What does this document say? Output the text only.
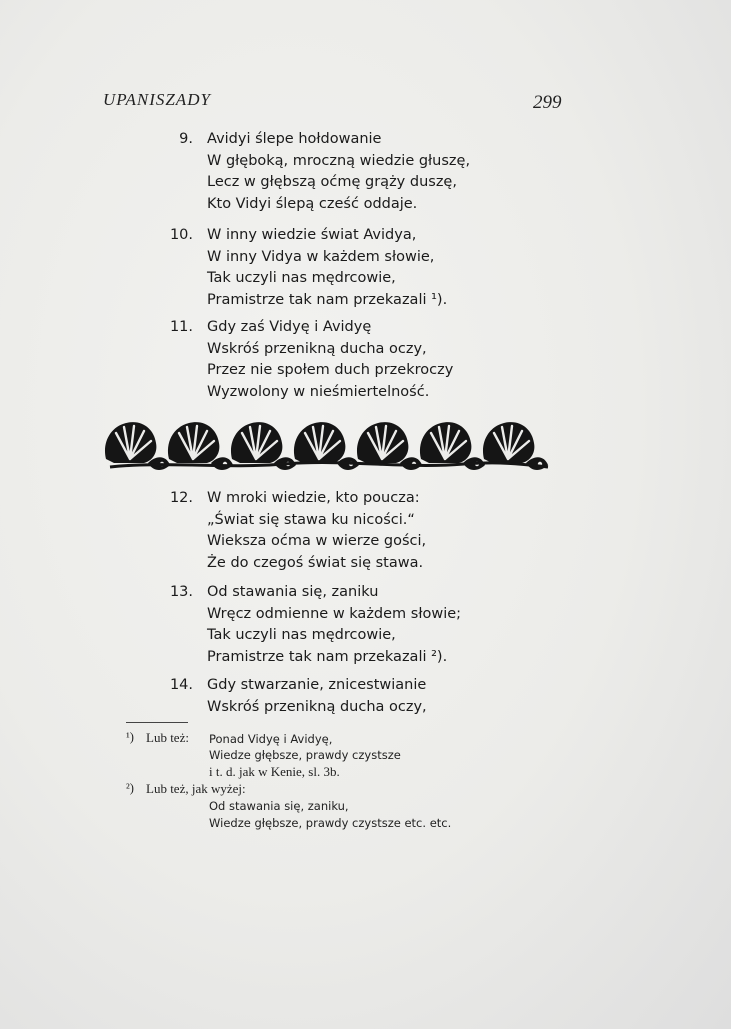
UPANISZADY	299
9. Avidyi ślepe hołdowanie
W głęboką, mroczną wiedzie głuszę,
Lecz w głębszą oćmę grąży duszę,
Kto Vidyi ślepą cześć oddaje.
10. W inny wiedzie świat Avidya,
W inny Vidya w każdem słowie,
Tak uczyli nas mędrcowie,
Pramistrze tak nam przekazali ¹).
11. Gdy zaś Vidyę i Avidyę
Wskróś przenikną ducha oczy,
Przez nie społem duch przekroczy
Wyzwolony w nieśmiertelność.
12. W mroki wiedzie, kto poucza:
„Świat się stawa ku nicości.“
Wieksza oćma w wierze gości,
Że do czegoś świat się stawa.
13. Od stawania się, zaniku
Wręcz odmienne w każdem słowie;
Tak uczyli nas mędrcowie,
Pramistrze tak nam przekazali ²).
14. Gdy stwarzanie, znicestwianie
Wskróś przenikną ducha oczy,
¹) Lub też: Ponad Vidyę i Avidyę,
Wiedze głębsze, prawdy czystsze
i t. d. jak w Kenie, sl. 3b.
²) Lub też, jak wyżej:
Od stawania się, zaniku,
Wiedze głębsze, prawdy czystsze etc. etc.
